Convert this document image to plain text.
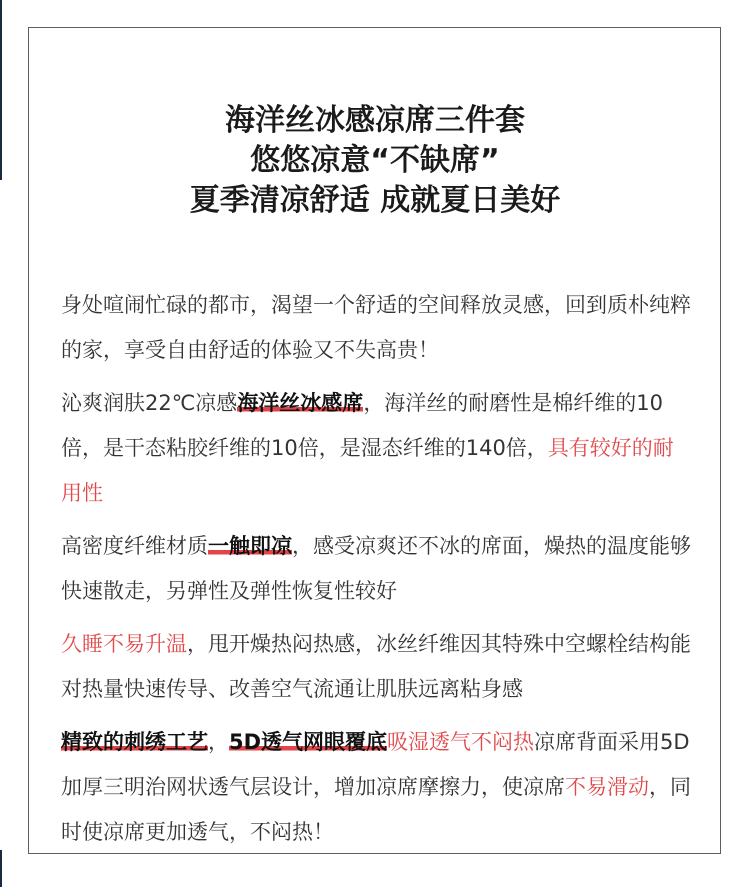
海洋丝冰感凉席三件套
悠悠凉意“不缺席”
夏季清凉舒适 成就夏日美好

身处喧闹忙碌的都市，渴望一个舒适的空间释放灵感，回到质朴纯粹的家，享受自由舒适的体验又不失高贵！

沁爽润肤22℃凉感海洋丝冰感席，海洋丝的耐磨性是棉纤维的10倍，是干态粘胶纤维的10倍，是湿态纤维的140倍，具有较好的耐用性

高密度纤维材质一触即凉，感受凉爽还不冰的席面，燥热的温度能够快速散走，另弹性及弹性恢复性较好

久睡不易升温，甩开燥热闷热感，冰丝纤维因其特殊中空螺栓结构能对热量快速传导、改善空气流通让肌肤远离粘身感

精致的刺绣工艺，5D透气网眼覆底吸湿透气不闷热凉席背面采用5D加厚三明治网状透气层设计，增加凉席摩擦力，使凉席不易滑动，同时使凉席更加透气，不闷热！
